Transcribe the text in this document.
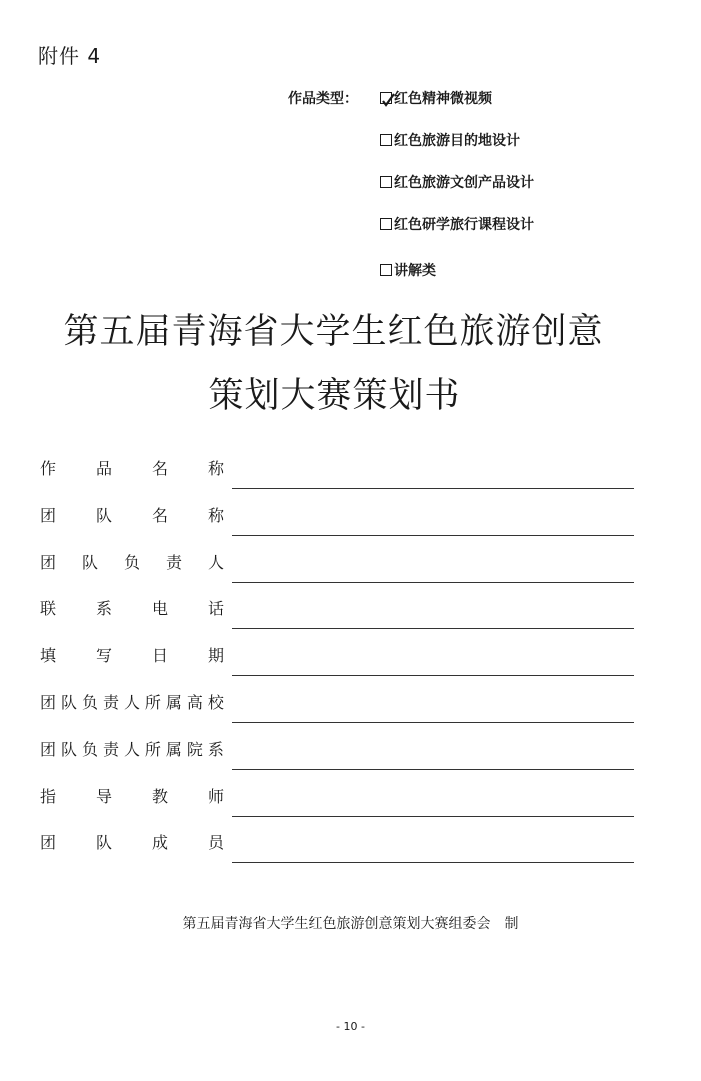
附件 4
作品类型：	红色精神微视频
红色旅游目的地设计
红色旅游文创产品设计
红色研学旅行课程设计
讲解类
第五届青海省大学生红色旅游创意
策划大赛策划书
作 品 名 称
团 队 名 称
团 队 负 责 人
联 系 电 话
填 写 日 期
团 队 负 责 人 所 属 高 校
团 队 负 责 人 所 属 院 系
指 导 教 师
团 队 成 员
第五届青海省大学生红色旅游创意策划大赛组委会　制
- 10 -
